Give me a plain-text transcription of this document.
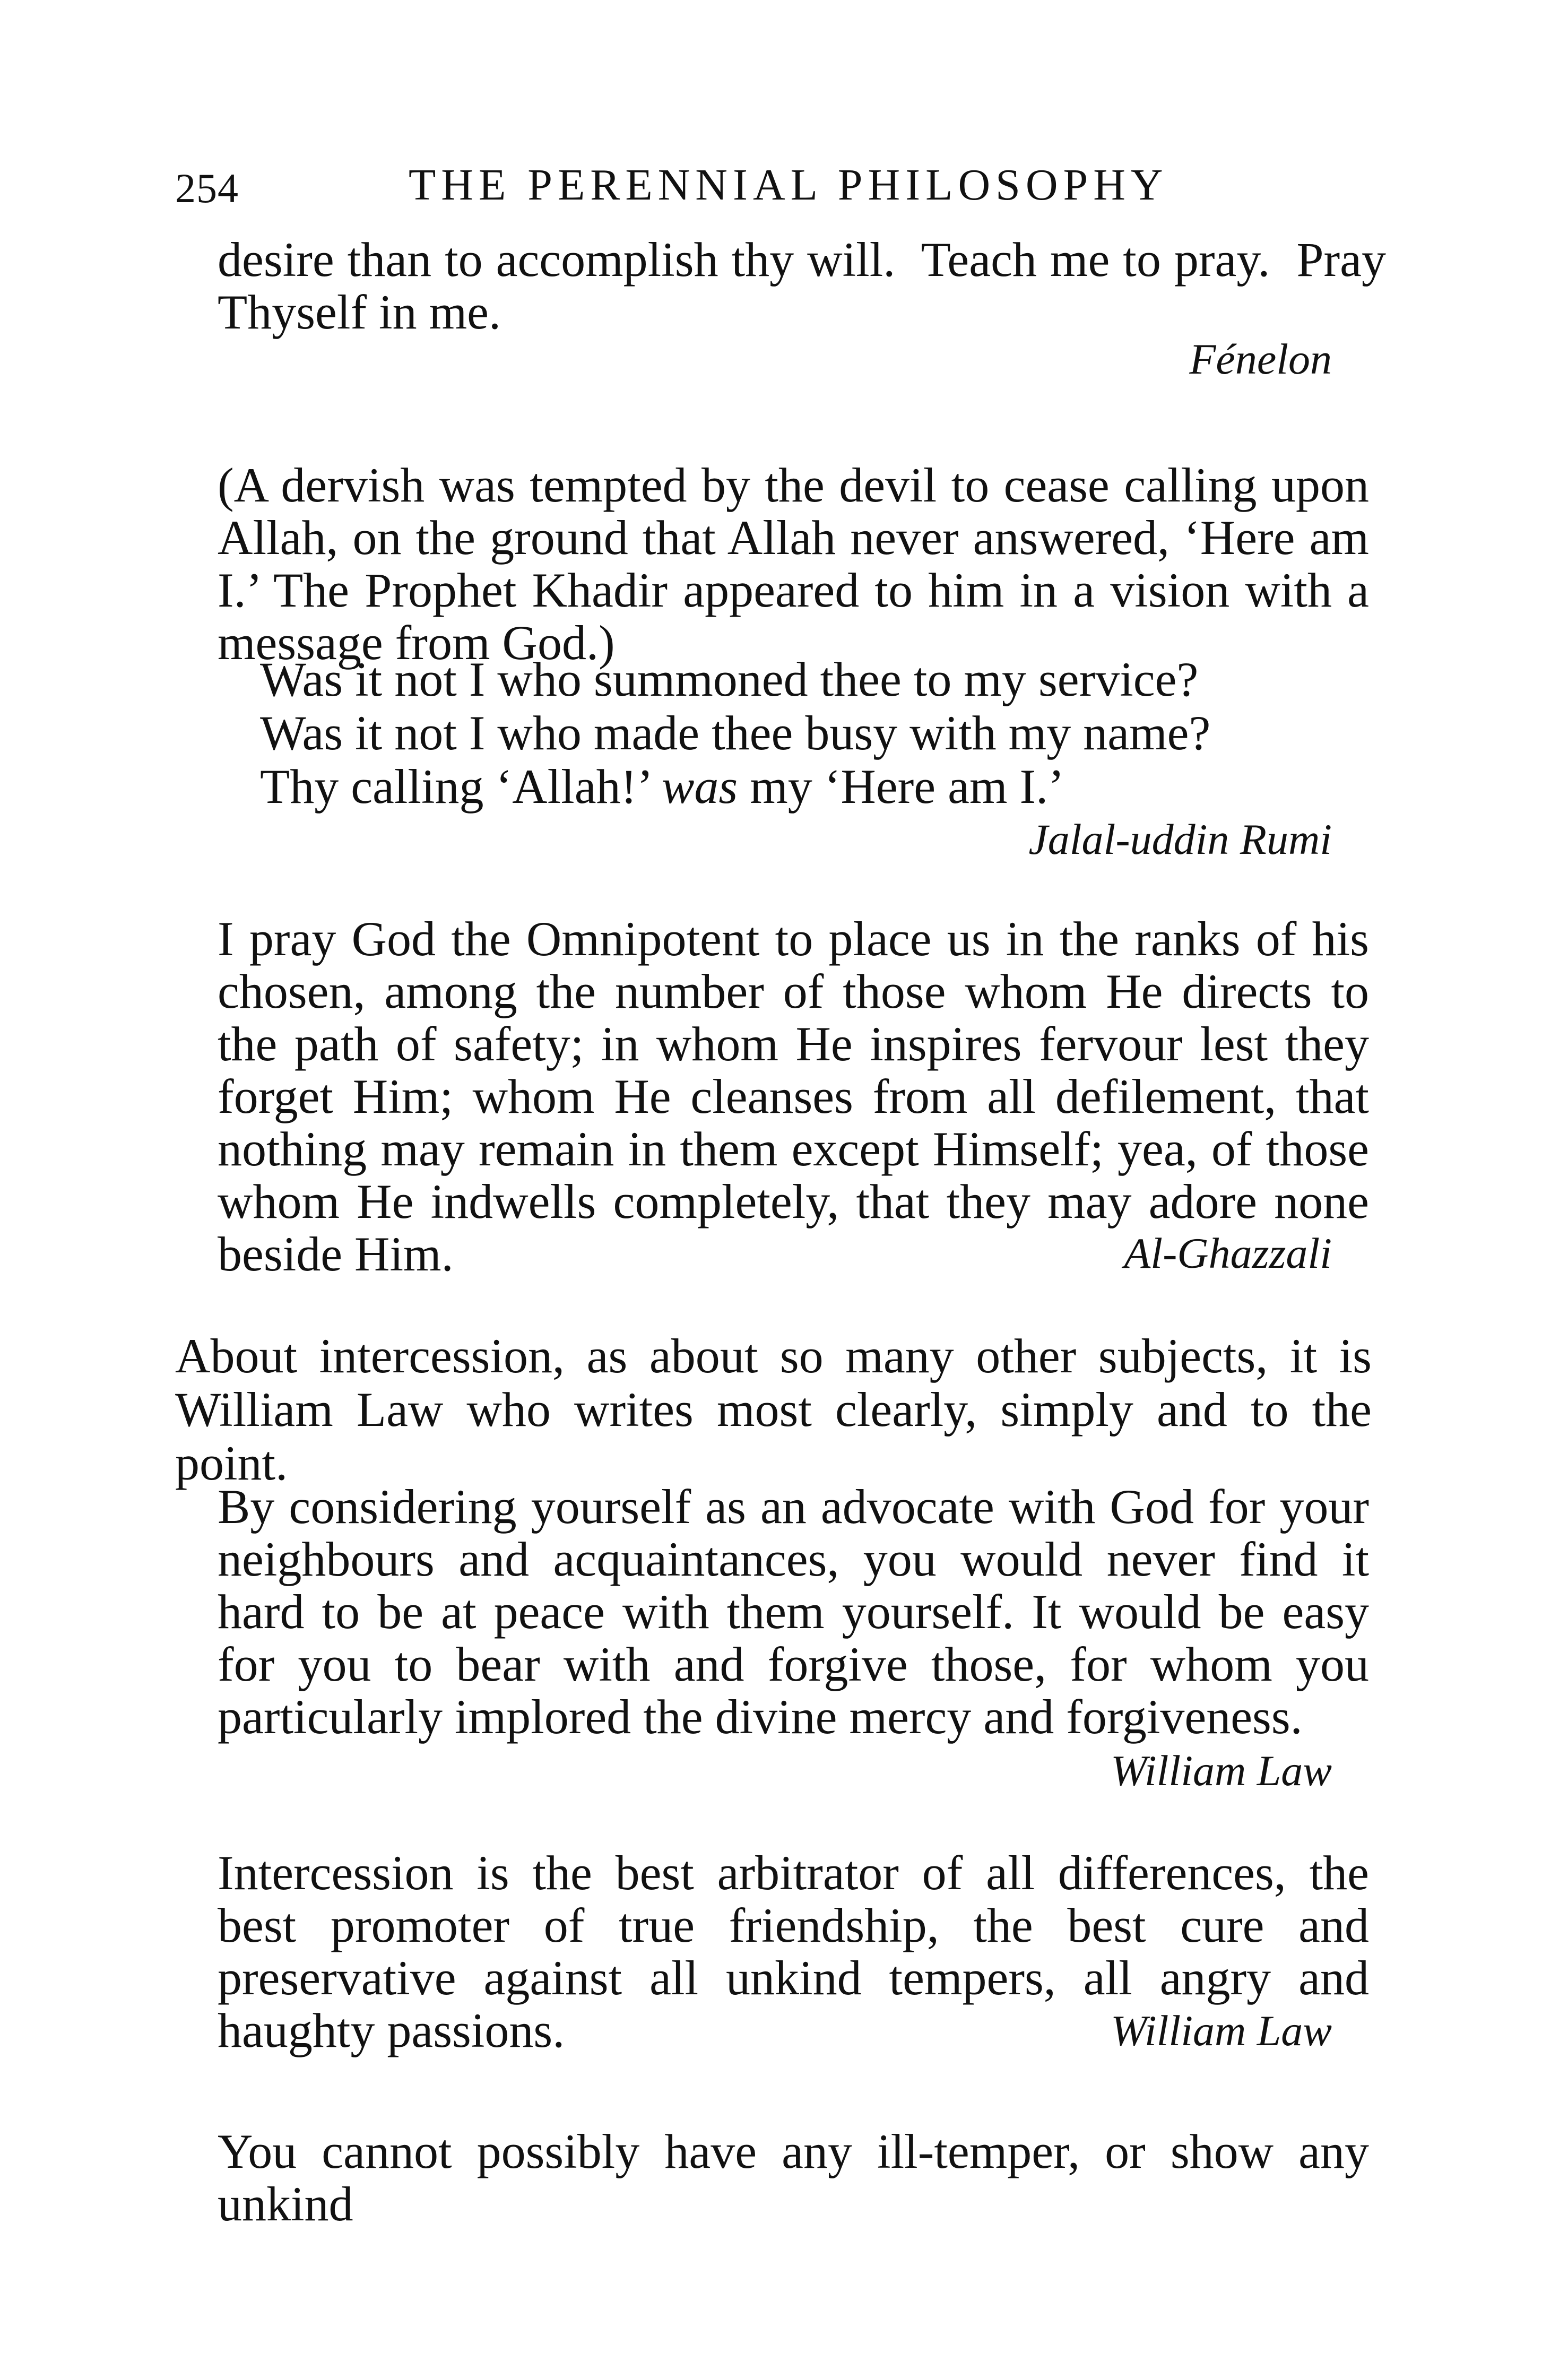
254	THE PERENNIAL PHILOSOPHY
desire than to accomplish thy will.  Teach me to pray.  Pray
Thyself in me.
Fénelon

(A dervish was tempted by the devil to cease calling upon Allah, on the ground that Allah never answered, ‘Here am I.’ The Prophet Khadir appeared to him in a vision with a message from God.)

Was it not I who summoned thee to my service?
Was it not I who made thee busy with my name?
Thy calling ‘Allah!’ was my ‘Here am I.’
Jalal-uddin Rumi

I pray God the Omnipotent to place us in the ranks of his chosen, among the number of those whom He directs to the path of safety; in whom He inspires fervour lest they forget Him; whom He cleanses from all defilement, that nothing may remain in them except Himself; yea, of those whom He indwells completely, that they may adore none beside Him.	Al-Ghazzali
About intercession, as about so many other subjects, it is
William Law who writes most clearly, simply and to the point.

By considering yourself as an advocate with God for your neighbours and acquaintances, you would never find it hard to be at peace with them yourself. It would be easy for you to bear with and forgive those, for whom you particularly implored the divine mercy and forgiveness.

William Law

Intercession is the best arbitrator of all differences, the best promoter of true friendship, the best cure and preservative against all unkind tempers, all angry and haughty passions.	William Law

You cannot possibly have any ill-temper, or show any unkind
